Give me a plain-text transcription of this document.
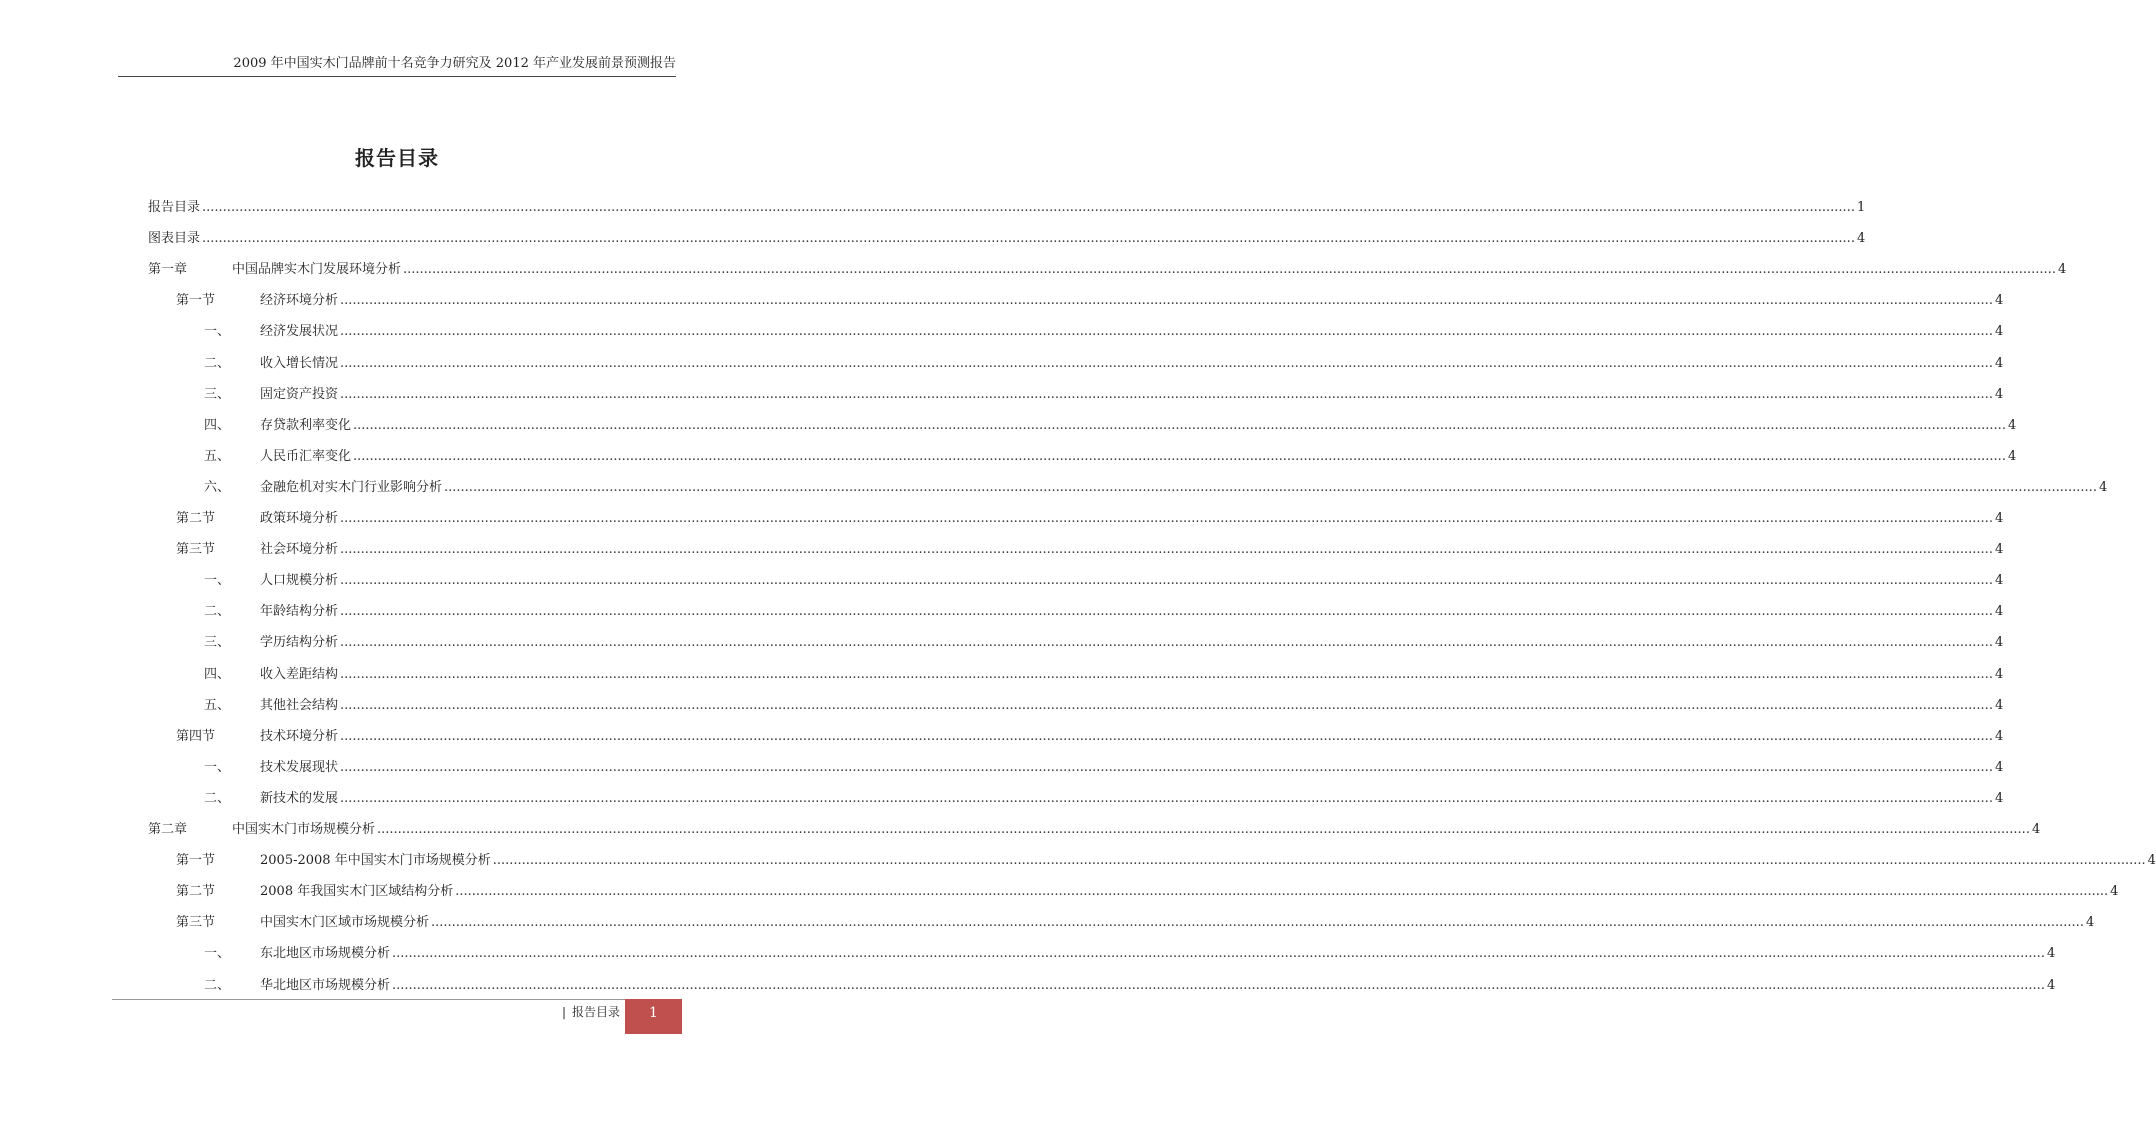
2009 年中国实木门品牌前十名竞争力研究及 2012 年产业发展前景预测报告
报告目录
报告目录 ................................................................................................................................................................................................................................................................................................................................................................................................................ 1
图表目录 ................................................................................................................................................................................................................................................................................................................................................................................................................ 4
第一章	中国品牌实木门发展环境分析 ................................................................................................................................................................................................................................................................................................................................................................................................................ 4
第一节	经济环境分析 ................................................................................................................................................................................................................................................................................................................................................................................................................ 4
一、	经济发展状况 ................................................................................................................................................................................................................................................................................................................................................................................................................ 4
二、	收入增长情况 ................................................................................................................................................................................................................................................................................................................................................................................................................ 4
三、	固定资产投资 ................................................................................................................................................................................................................................................................................................................................................................................................................ 4
四、	存贷款利率变化 ................................................................................................................................................................................................................................................................................................................................................................................................................ 4
五、	人民币汇率变化 ................................................................................................................................................................................................................................................................................................................................................................................................................ 4
六、	金融危机对实木门行业影响分析 ................................................................................................................................................................................................................................................................................................................................................................................................................ 4
第二节	政策环境分析 ................................................................................................................................................................................................................................................................................................................................................................................................................ 4
第三节	社会环境分析 ................................................................................................................................................................................................................................................................................................................................................................................................................ 4
一、	人口规模分析 ................................................................................................................................................................................................................................................................................................................................................................................................................ 4
二、	年龄结构分析 ................................................................................................................................................................................................................................................................................................................................................................................................................ 4
三、	学历结构分析 ................................................................................................................................................................................................................................................................................................................................................................................................................ 4
四、	收入差距结构 ................................................................................................................................................................................................................................................................................................................................................................................................................ 4
五、	其他社会结构 ................................................................................................................................................................................................................................................................................................................................................................................................................ 4
第四节	技术环境分析 ................................................................................................................................................................................................................................................................................................................................................................................................................ 4
一、	技术发展现状 ................................................................................................................................................................................................................................................................................................................................................................................................................ 4
二、	新技术的发展 ................................................................................................................................................................................................................................................................................................................................................................................................................ 4
第二章	中国实木门市场规模分析 ................................................................................................................................................................................................................................................................................................................................................................................................................ 4
第一节	2005-2008 年中国实木门市场规模分析 ................................................................................................................................................................................................................................................................................................................................................................................................................ 4
第二节	2008 年我国实木门区域结构分析 ................................................................................................................................................................................................................................................................................................................................................................................................................ 4
第三节	中国实木门区域市场规模分析 ................................................................................................................................................................................................................................................................................................................................................................................................................ 4
一、	东北地区市场规模分析 ................................................................................................................................................................................................................................................................................................................................................................................................................ 4
二、	华北地区市场规模分析 ................................................................................................................................................................................................................................................................................................................................................................................................................ 4
| 报告目录	1
